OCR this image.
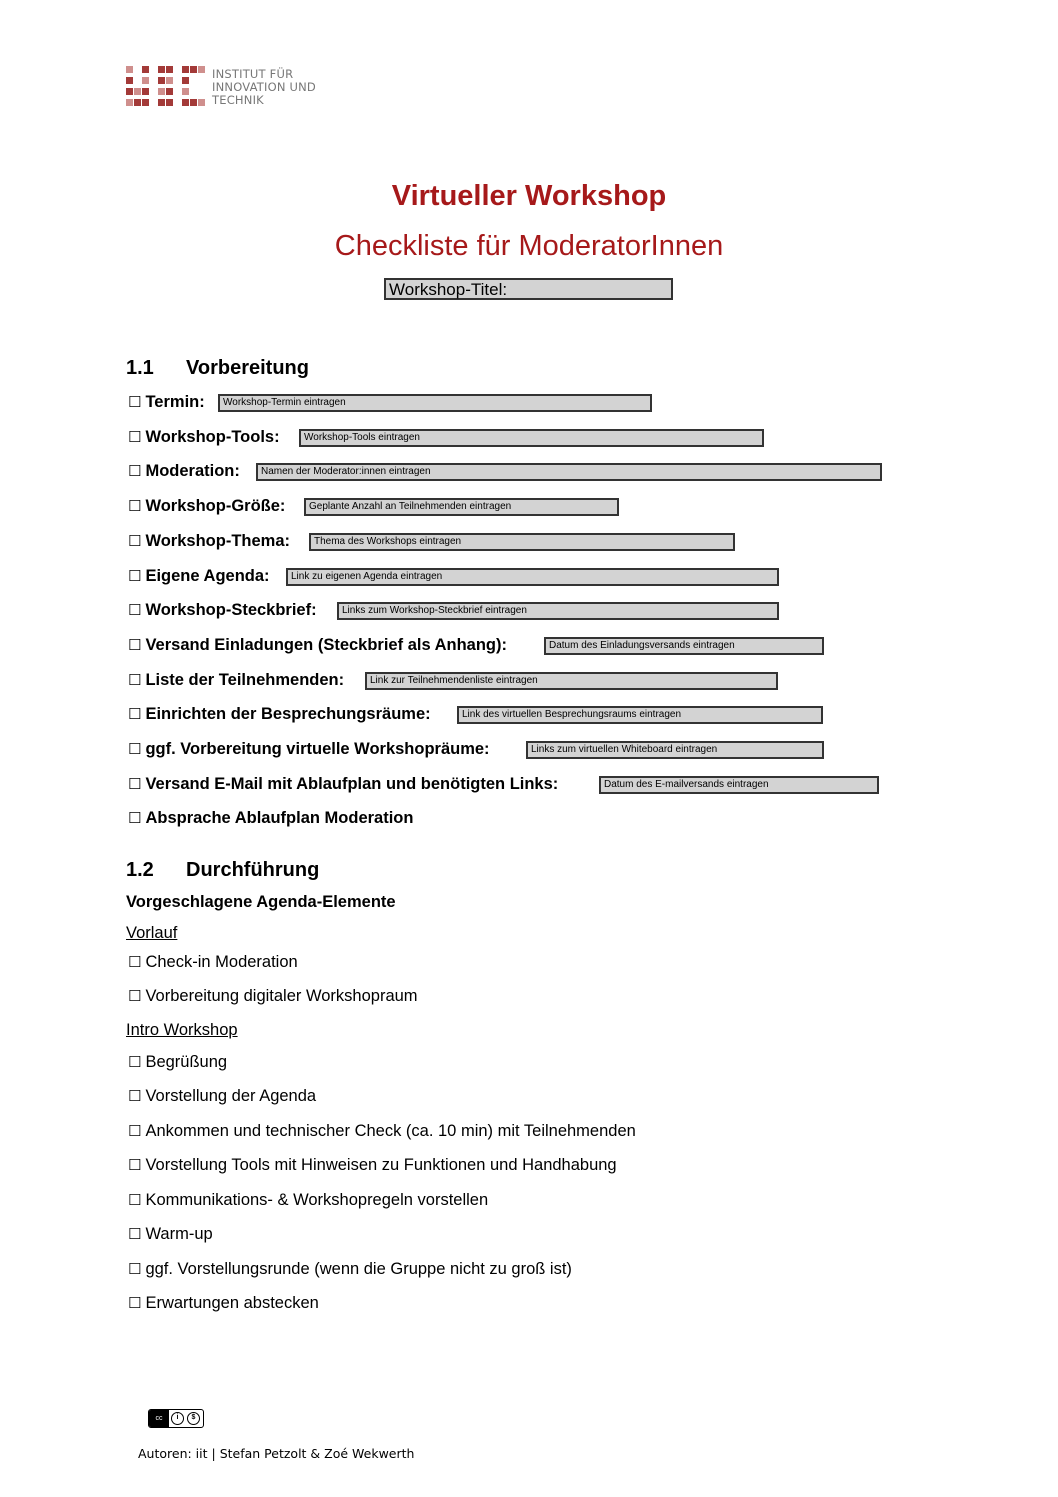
INSTITUT FÜR
INNOVATION UND
TECHNIK
Virtueller Workshop
Checkliste für ModeratorInnen
Workshop-Titel:
1.1 Vorbereitung
☐ Termin:	Workshop-Termin eintragen
☐ Workshop-Tools:	Workshop-Tools eintragen
☐ Moderation:	Namen der Moderator:innen eintragen
☐ Workshop-Größe:	Geplante Anzahl an Teilnehmenden eintragen
☐ Workshop-Thema:	Thema des Workshops eintragen
☐ Eigene Agenda:	Link zu eigenen Agenda eintragen
☐ Workshop-Steckbrief:	Links zum Workshop-Steckbrief eintragen
☐ Versand Einladungen (Steckbrief als Anhang):	Datum des Einladungsversands eintragen
☐ Liste der Teilnehmenden:	Link zur Teilnehmendenliste eintragen
☐ Einrichten der Besprechungsräume:	Link des virtuellen Besprechungsraums eintragen
☐ ggf. Vorbereitung virtuelle Workshopräume:	Links zum virtuellen Whiteboard eintragen
☐ Versand E-Mail mit Ablaufplan und benötigten Links:	Datum des E-mailversands eintragen
☐ Absprache Ablaufplan Moderation
1.2 Durchführung
Vorgeschlagene Agenda-Elemente
Vorlauf
☐ Check-in Moderation
☐ Vorbereitung digitaler Workshopraum
Intro Workshop
☐ Begrüßung
☐ Vorstellung der Agenda
☐ Ankommen und technischer Check (ca. 10 min) mit Teilnehmenden
☐ Vorstellung Tools mit Hinweisen zu Funktionen und Handhabung
☐ Kommunikations- & Workshopregeln vorstellen
☐ Warm-up
☐ ggf. Vorstellungsrunde (wenn die Gruppe nicht zu groß ist)
☐ Erwartungen abstecken
cc	i	$
Autoren: iit | Stefan Petzolt & Zoé Wekwerth
